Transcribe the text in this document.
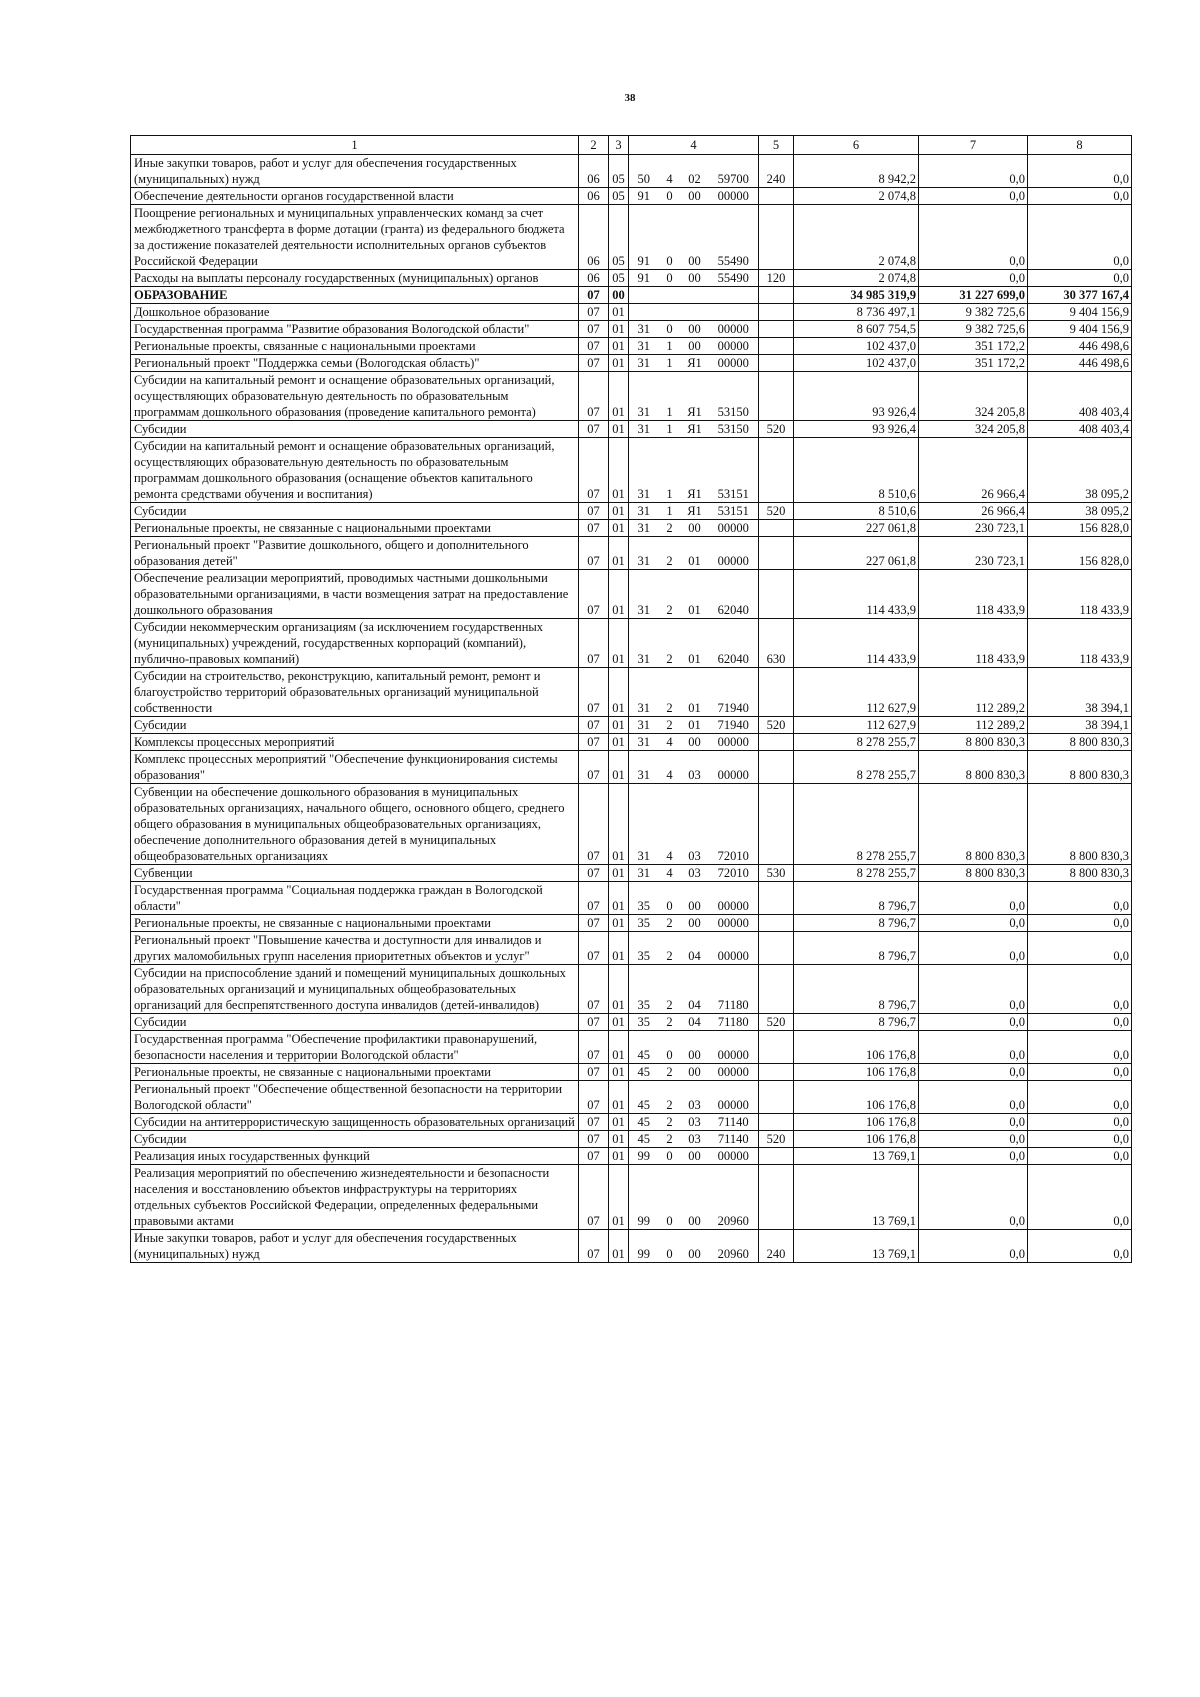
38
1	2	3	4				5	6	7	8
Иные закупки товаров, работ и услуг для обеспечения государственных (муниципальных) нужд	06	05	50	4	02	59700	240	8 942,2	0,0	0,0
Обеспечение деятельности органов государственной власти	06	05	91	0	00	00000		2 074,8	0,0	0,0
Поощрение региональных и муниципальных управленческих команд за счет межбюджетного трансферта в форме дотации (гранта) из федерального бюджета за достижение показателей деятельности исполнительных органов субъектов Российской Федерации	06	05	91	0	00	55490		2 074,8	0,0	0,0
Расходы на выплаты персоналу государственных (муниципальных) органов	06	05	91	0	00	55490	120	2 074,8	0,0	0,0
ОБРАЗОВАНИЕ	07	00						34 985 319,9	31 227 699,0	30 377 167,4
Дошкольное образование	07	01						8 736 497,1	9 382 725,6	9 404 156,9
Государственная программа "Развитие образования Вологодской области"	07	01	31	0	00	00000		8 607 754,5	9 382 725,6	9 404 156,9
Региональные проекты, связанные с национальными проектами	07	01	31	1	00	00000		102 437,0	351 172,2	446 498,6
Региональный проект "Поддержка семьи (Вологодская область)"	07	01	31	1	Я1	00000		102 437,0	351 172,2	446 498,6
Субсидии на капитальный ремонт и оснащение образовательных организаций, осуществляющих образовательную деятельность по образовательным программам дошкольного образования (проведение капитального ремонта)	07	01	31	1	Я1	53150		93 926,4	324 205,8	408 403,4
Субсидии	07	01	31	1	Я1	53150	520	93 926,4	324 205,8	408 403,4
Субсидии на капитальный ремонт и оснащение образовательных организаций, осуществляющих образовательную деятельность по образовательным программам дошкольного образования (оснащение объектов капитального ремонта средствами обучения и воспитания)	07	01	31	1	Я1	53151		8 510,6	26 966,4	38 095,2
Субсидии	07	01	31	1	Я1	53151	520	8 510,6	26 966,4	38 095,2
Региональные проекты, не связанные с национальными проектами	07	01	31	2	00	00000		227 061,8	230 723,1	156 828,0
Региональный проект "Развитие дошкольного, общего и дополнительного образования детей"	07	01	31	2	01	00000		227 061,8	230 723,1	156 828,0
Обеспечение реализации мероприятий, проводимых частными дошкольными образовательными организациями, в части возмещения затрат на предоставление дошкольного образования	07	01	31	2	01	62040		114 433,9	118 433,9	118 433,9
Субсидии некоммерческим организациям (за исключением государственных (муниципальных) учреждений, государственных корпораций (компаний), публично-правовых компаний)	07	01	31	2	01	62040	630	114 433,9	118 433,9	118 433,9
Субсидии на строительство, реконструкцию, капитальный ремонт, ремонт и благоустройство территорий образовательных организаций муниципальной собственности	07	01	31	2	01	71940		112 627,9	112 289,2	38 394,1
Субсидии	07	01	31	2	01	71940	520	112 627,9	112 289,2	38 394,1
Комплексы процессных мероприятий	07	01	31	4	00	00000		8 278 255,7	8 800 830,3	8 800 830,3
Комплекс процессных мероприятий "Обеспечение функционирования системы образования"	07	01	31	4	03	00000		8 278 255,7	8 800 830,3	8 800 830,3
Субвенции на обеспечение дошкольного образования в муниципальных образовательных организациях, начального общего, основного общего, среднего общего образования в муниципальных общеобразовательных организациях, обеспечение дополнительного образования детей в муниципальных общеобразовательных организациях	07	01	31	4	03	72010		8 278 255,7	8 800 830,3	8 800 830,3
Субвенции	07	01	31	4	03	72010	530	8 278 255,7	8 800 830,3	8 800 830,3
Государственная программа "Социальная поддержка граждан в Вологодской области"	07	01	35	0	00	00000		8 796,7	0,0	0,0
Региональные проекты, не связанные с национальными проектами	07	01	35	2	00	00000		8 796,7	0,0	0,0
Региональный проект "Повышение качества и доступности для инвалидов и других маломобильных групп населения приоритетных объектов и услуг"	07	01	35	2	04	00000		8 796,7	0,0	0,0
Субсидии на приспособление зданий и помещений муниципальных дошкольных образовательных организаций и муниципальных общеобразовательных организаций для беспрепятственного доступа инвалидов (детей-инвалидов)	07	01	35	2	04	71180		8 796,7	0,0	0,0
Субсидии	07	01	35	2	04	71180	520	8 796,7	0,0	0,0
Государственная программа "Обеспечение профилактики правонарушений, безопасности населения и территории Вологодской области"	07	01	45	0	00	00000		106 176,8	0,0	0,0
Региональные проекты, не связанные с национальными проектами	07	01	45	2	00	00000		106 176,8	0,0	0,0
Региональный проект "Обеспечение общественной безопасности на территории Вологодской области"	07	01	45	2	03	00000		106 176,8	0,0	0,0
Субсидии на антитеррористическую защищенность образовательных организаций	07	01	45	2	03	71140		106 176,8	0,0	0,0
Субсидии	07	01	45	2	03	71140	520	106 176,8	0,0	0,0
Реализация иных государственных функций	07	01	99	0	00	00000		13 769,1	0,0	0,0
Реализация мероприятий по обеспечению жизнедеятельности и безопасности населения и восстановлению объектов инфраструктуры на территориях отдельных субъектов Российской Федерации, определенных федеральными правовыми актами	07	01	99	0	00	20960		13 769,1	0,0	0,0
Иные закупки товаров, работ и услуг для обеспечения государственных (муниципальных) нужд	07	01	99	0	00	20960	240	13 769,1	0,0	0,0
